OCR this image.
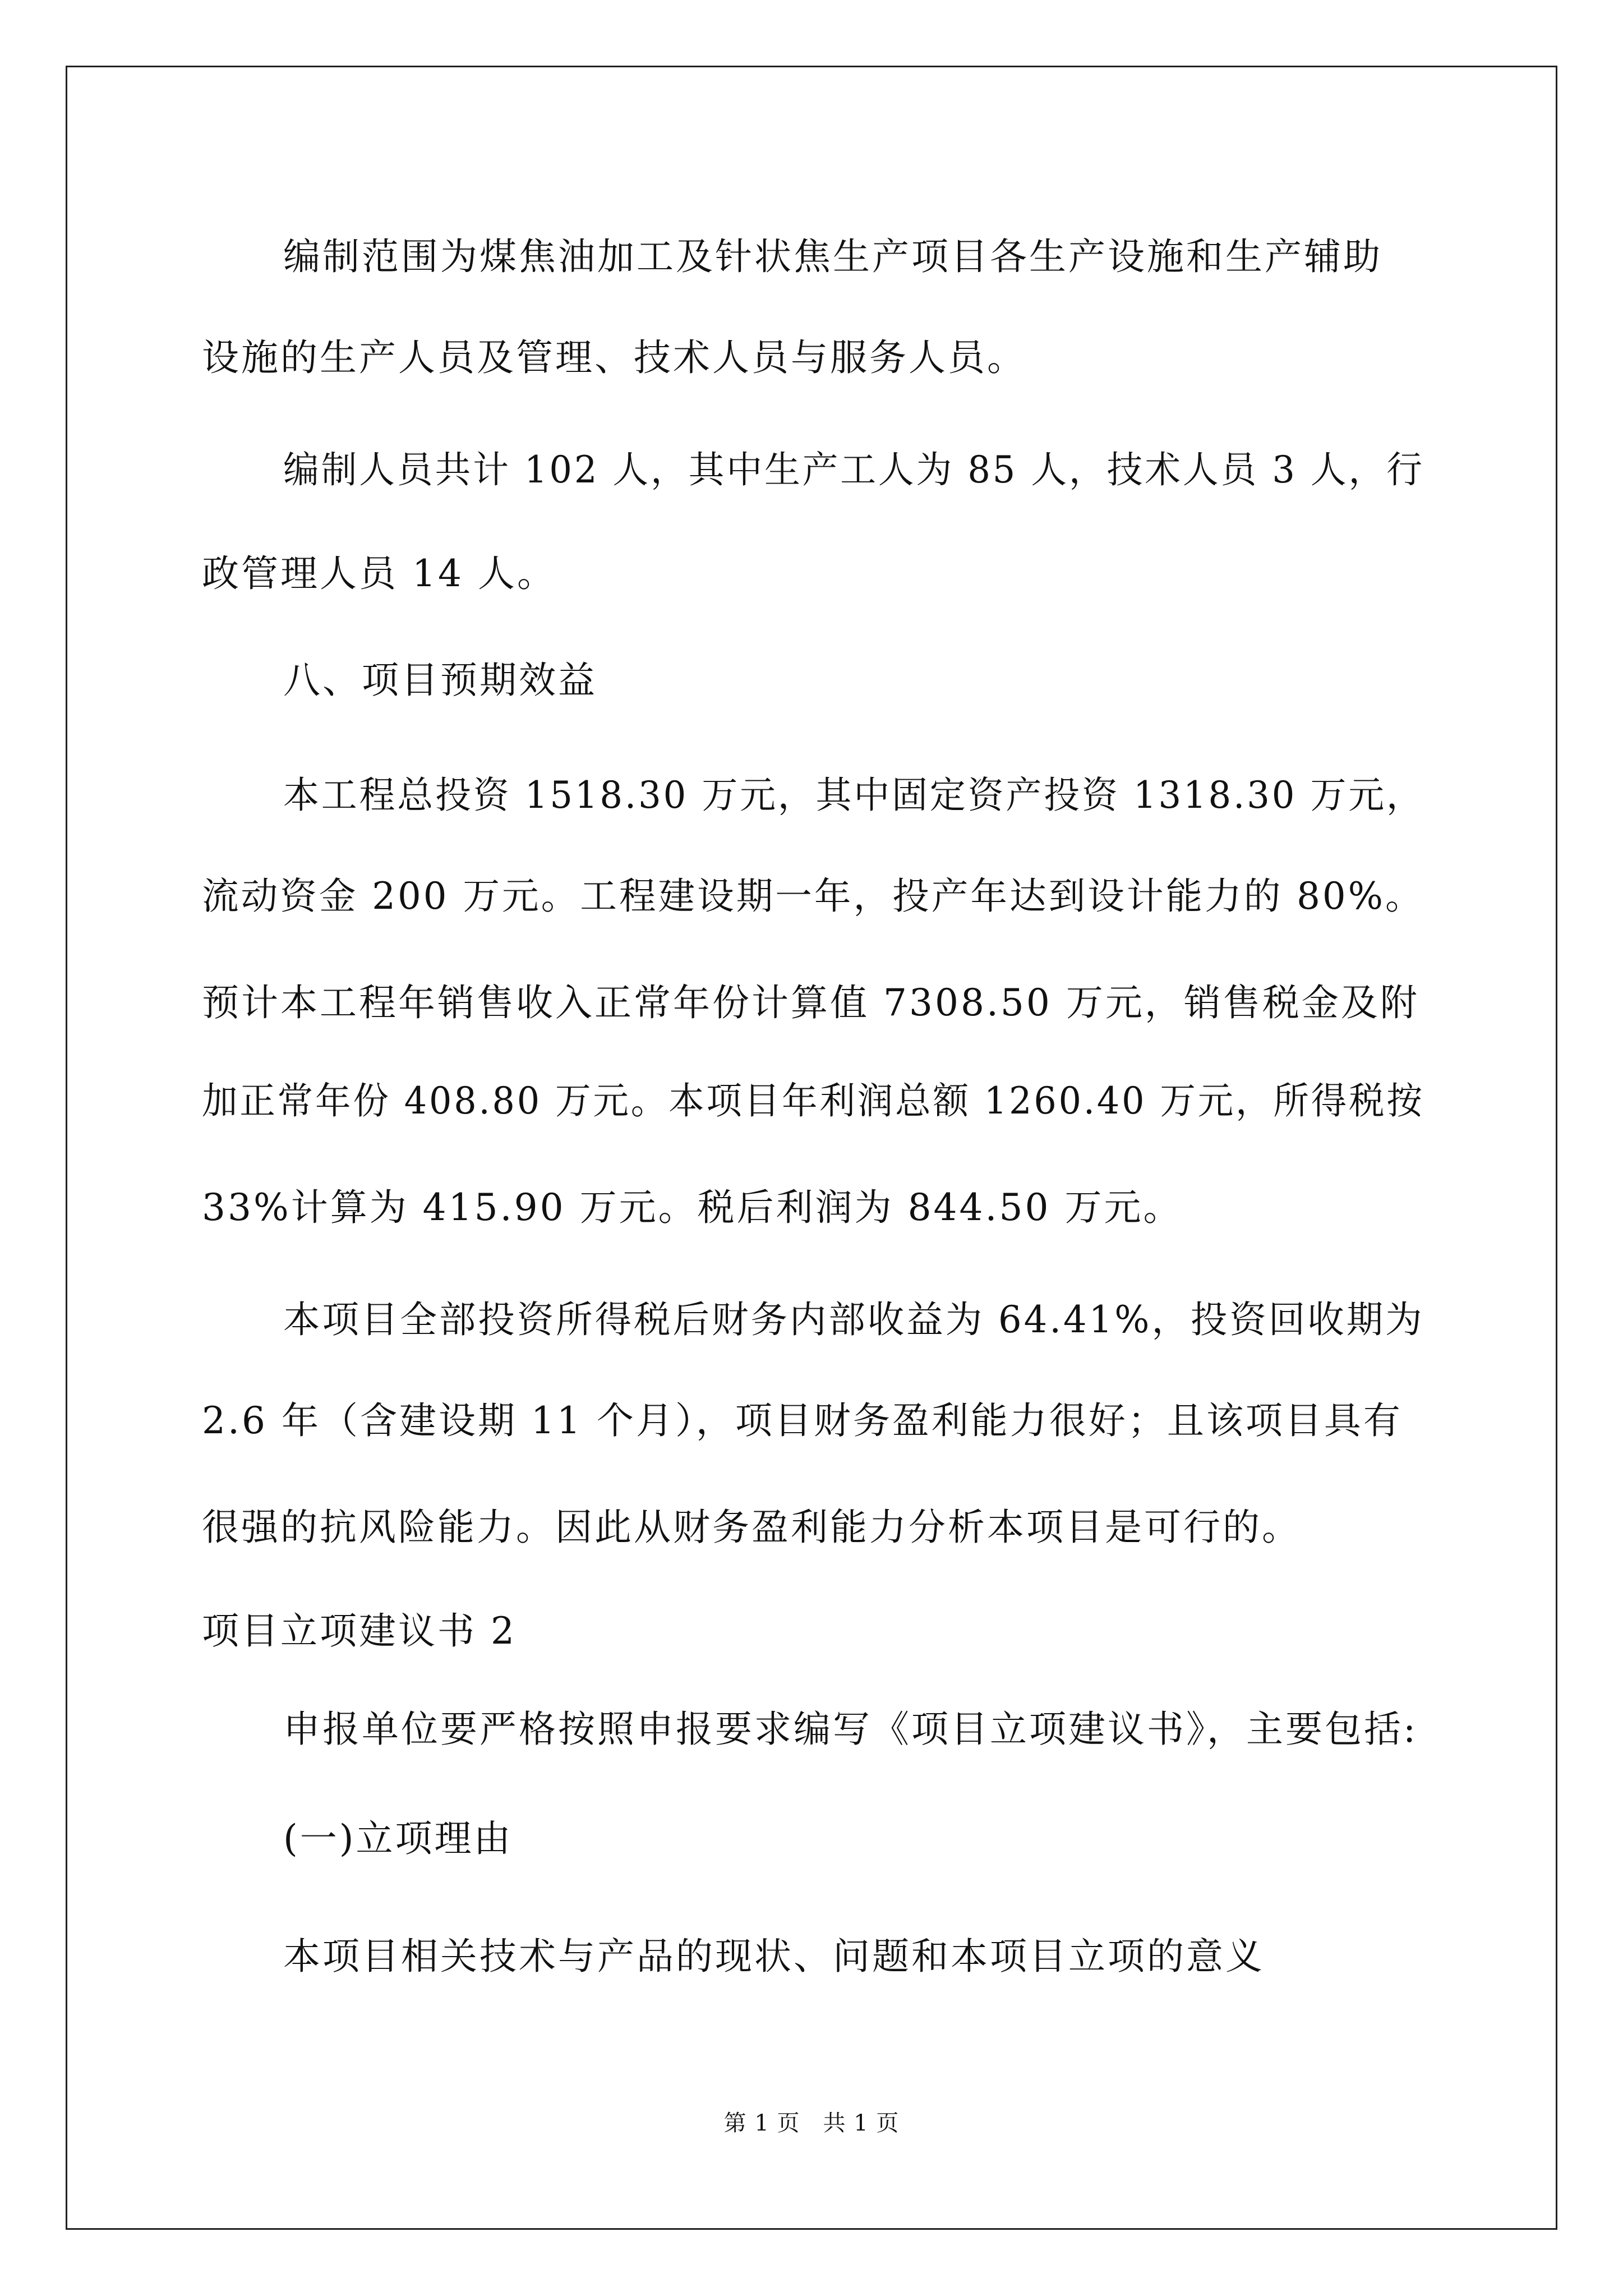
编制范围为煤焦油加工及针状焦生产项目各生产设施和生产辅助
设施的生产人员及管理、技术人员与服务人员。
编制人员共计 102 人，其中生产工人为 85 人，技术人员 3 人，行
政管理人员 14 人。
八、项目预期效益
本工程总投资 1518.30 万元，其中固定资产投资 1318.30 万元，
流动资金 200 万元。工程建设期一年，投产年达到设计能力的 80%。
预计本工程年销售收入正常年份计算值 7308.50 万元，销售税金及附
加正常年份 408.80 万元。本项目年利润总额 1260.40 万元，所得税按
33%计算为 415.90 万元。税后利润为 844.50 万元。
本项目全部投资所得税后财务内部收益为 64.41%，投资回收期为
2.6 年（含建设期 11 个月），项目财务盈利能力很好；且该项目具有
很强的抗风险能力。因此从财务盈利能力分析本项目是可行的。
项目立项建议书 2
申报单位要严格按照申报要求编写《项目立项建议书》，主要包括:
(一)立项理由
本项目相关技术与产品的现状、问题和本项目立项的意义
第 1 页　共 1 页
